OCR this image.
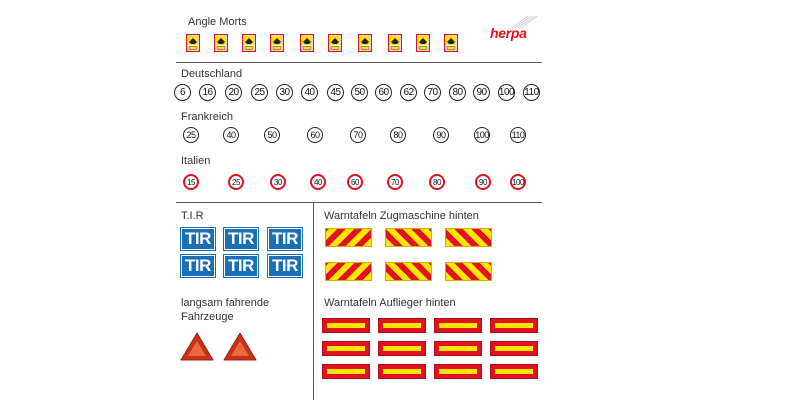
Angle Morts
herpa
Deutschland
6	16	20	25	30	40	45	50	60	62	70	80	90	100 110
Frankreich
25	40	50	60	70	80	90	100	110
Italien
15	25	30	40	60	70	80	90	100
T.I.R
TIR TIR TIR
TIR TIR TIR
langsam fahrende
Fahrzeuge
Warntafeln Zugmaschine hinten
Warntafeln Auflieger hinten
